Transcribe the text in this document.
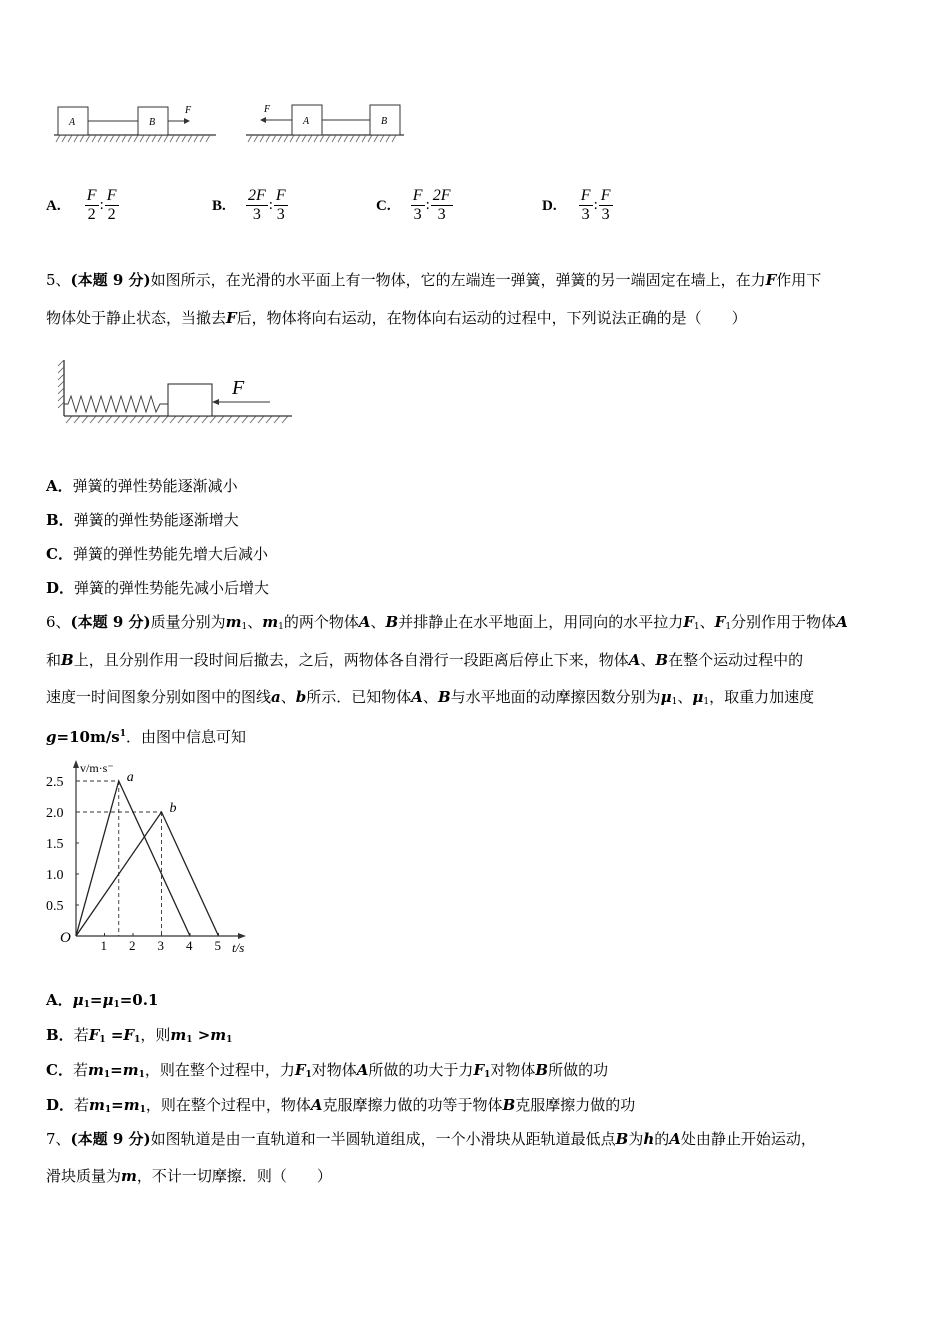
A	B
F
A	B
F
A. $\frac{F}{2}$ : $\frac{F}{2}$	B. $\frac{2F}{3}$ : $\frac{F}{3}$	C. $\frac{F}{3}$ : $\frac{2F}{3}$	D. $\frac{F}{3}$ : $\frac{F}{3}$
5、(本题 9 分)如图所示，在光滑的水平面上有一物体，它的左端连一弹簧，弹簧的另一端固定在墙上，在力F作用下
物体处于静止状态，当撤去F后，物体将向右运动，在物体向右运动的过程中，下列说法正确的是（　　）
F
A．弹簧的弹性势能逐渐减小
B．弹簧的弹性势能逐渐增大
C．弹簧的弹性势能先增大后减小
D．弹簧的弹性势能先减小后增大
6、(本题 9 分)质量分别为$m_1$、$m_1$的两个物体A、B并排静止在水平地面上，用同向的水平拉力$F_1$、$F_1$分别作用于物体A
和B上，且分别作用一段时间后撤去，之后，两物体各自滑行一段距离后停止下来，物体A、B在整个运动过程中的
速度一时间图象分别如图中的图线a、b所示．已知物体A、B与水平地面的动摩擦因数分别为$\mu_1$、$\mu_1$，取重力加速度
$g=10m/s^1$．由图中信息可知
v/m·s⁻
t/s
O
a
b
1 2 3 4 5
0.5
1.0
1.5
2.0
2.5
A．$\mu_1=\mu_1=0.1$
B．若$F_1 =F_1$，则$m_1 >m_1$
C．若$m_1=m_1$，则在整个过程中，力$F_1$对物体A所做的功大于力$F_1$对物体B所做的功
D．若$m_1=m_1$，则在整个过程中，物体A克服摩擦力做的功等于物体B克服摩擦力做的功
7、(本题 9 分)如图轨道是由一直轨道和一半圆轨道组成，一个小滑块从距轨道最低点B为h的A处由静止开始运动，
滑块质量为m，不计一切摩擦．则（　　）
